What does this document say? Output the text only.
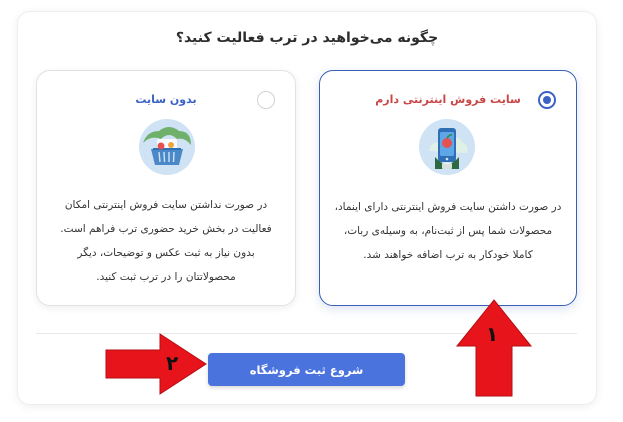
چگونه می‌خواهید در ترب فعالیت کنید؟
سایت فروش اینترنتی دارم
در صورت داشتن سایت فروش اینترنتی دارای اینماد،
محصولات شما پس از ثبت‌نام، به وسیله‌ی ربات،
کاملا خودکار به ترب اضافه خواهند شد.
بدون سایت
در صورت نداشتن سایت فروش اینترنتی امکان
فعالیت در بخش خرید حضوری ترب فراهم است.
بدون نیاز به ثبت عکس و توضیحات، دیگر
محصولاتتان را در ترب ثبت کنید.
شروع ثبت فروشگاه
۱
۲
